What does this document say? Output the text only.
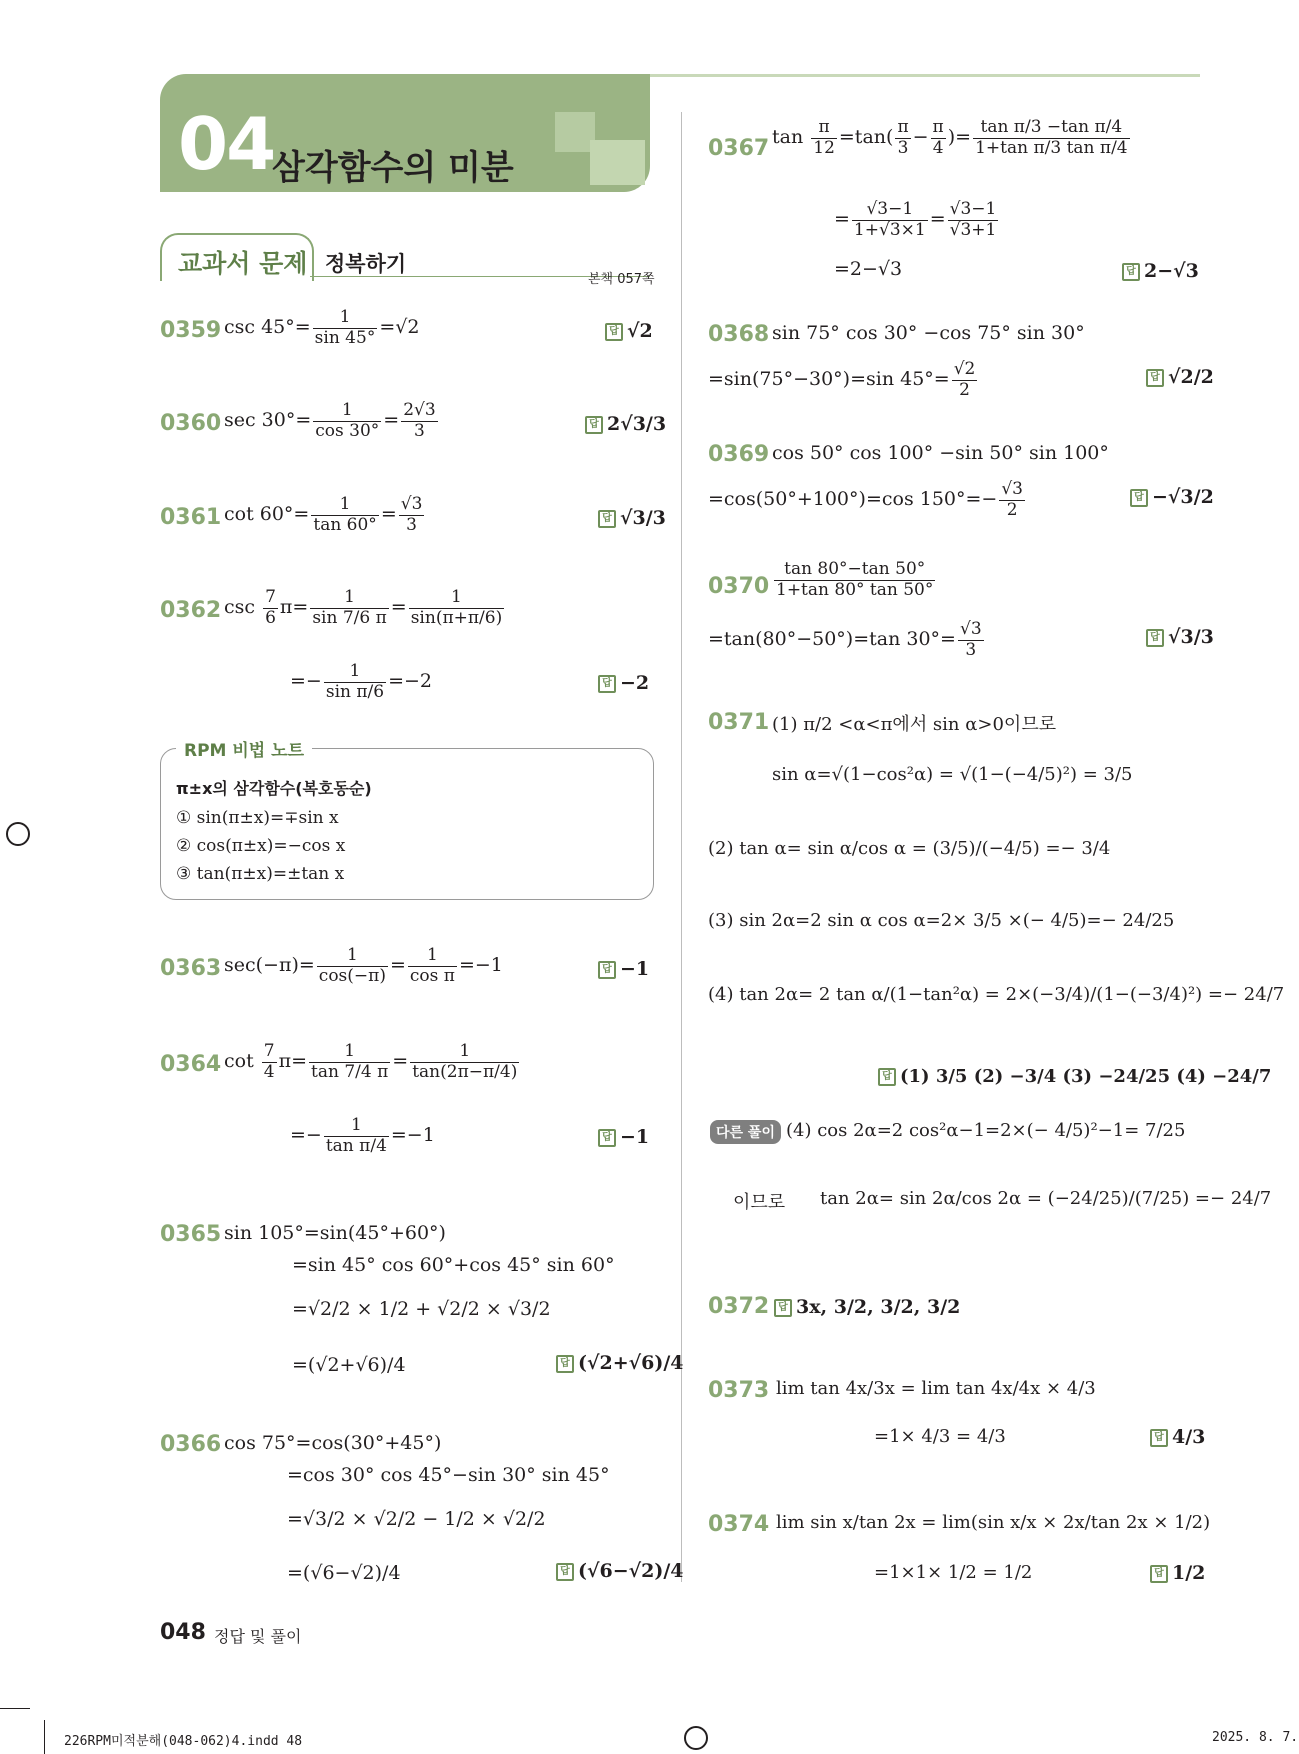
04
삼각함수의 미분
교과서 문제 정복하기
본책 057쪽
0359 $\csc 45^\circ= \frac{1}{\sin 45^\circ} =√2$	답 √2
0360 $\sec 30^\circ= \frac{1}{\cos 30^\circ} = \frac{2√3}{3}$	답 2√3/3
0361 $\cot 60^\circ= \frac{1}{\tan 60^\circ} = \frac{√3}{3}$	답 √3/3
0362 $\csc \frac{7}{6} \pi= \frac{1}{\sin 7/6 \pi} = \frac{1}{\sin(\pi+\pi/6)}$
=− $\frac{1}{\text{sin π/6}} =-2$	답 −2
RPM 비법 노트
π±x의 삼각함수(복호동순)
① sin(π±x)=∓sin x
② cos(π±x)=−cos x
③ tan(π±x)=±tan x
0363 $\sec(-\pi)= \frac{1}{\cos(-\pi)} = \frac{1}{\text{cos π}} =-1$	답 −1
0364 $\cot \frac{7}{4} \pi= \frac{1}{\tan 7/4 \pi} = \frac{1}{\tan(2\pi-\pi/4)}$
=− $\frac{1}{\text{tan π/4}} =-1$	답 −1
0365 sin 105°=sin(45°+60°)
=sin 45° cos 60°+cos 45° sin 60°
=√2/2 × 1/2 + √2/2 × √3/2
=(√2+√6)/4	답 (√2+√6)/4
0366 cos 75°=cos(30°+45°)
=cos 30° cos 45°−sin 30° sin 45°
=√3/2 × √2/2 − 1/2 × √2/2
=(√6−√2)/4	답 (√6−√2)/4
0367 $\tan \frac{\pi}{12} =\tan( \frac{\pi}{3} - \frac{\pi}{4}$ )= $\frac{\text{tan π/3 −tan π/4}}{\text{1+tan π/3 tan π/4}}$
= $\frac{√3-1}{1+√3\times 1} = \frac{√3-1}{√3+1}$
=2−√3	답 2−√3
0368 sin 75° cos 30° −cos 75° sin 30°
=sin(75°−30°)=sin $45^\circ= \frac{√2}{2}$	답 √2/2
0369 cos 50° cos 100° −sin 50° sin 100°
=cos(50°+100°)=cos $150^\circ=- \frac{√3}{2}$	답 −√3/2
$0370 \frac{\tan 80^\circ-\tan 50^\circ}{1+\tan 80^\circ \tan 50^\circ}$
=tan(80°−50°)=tan $30^\circ= \frac{√3}{3}$	답 √3/3
0371 (1) π/2 <α<π에서 sin α>0이므로
sin α=√(1−cos²α) = √(1−(−4/5)²) = 3/5
(2) tan α= sin α/cos α = (3/5)/(−4/5) =− 3/4
(3) sin 2α=2 sin α cos α=2× 3/5 ×(− 4/5)=− 24/25
(4) tan 2α= 2 tan α/(1−tan²α) = 2×(−3/4)/(1−(−3/4)²) =− 24/7
답 (1) 3/5 (2) −3/4 (3) −24/25 (4) −24/7
다른 풀이 (4) cos 2α=2 cos²α−1=2×(− 4/5)²−1= 7/25
이므로 tan 2α= sin 2α/cos 2α = (−24/25)/(7/25) =− 24/7
0372 답 3x, 3/2, 3/2, 3/2
0373 lim tan 4x/3x = lim tan 4x/4x × 4/3
=1× 4/3 = 4/3	답 4/3
0374 lim sin x/tan 2x = lim(sin x/x × 2x/tan 2x × 1/2)
=1×1× 1/2 = 1/2	답 1/2
048 정답 및 풀이
226RPM미적분해(048-062)4.indd 48	2025. 8. 7.
